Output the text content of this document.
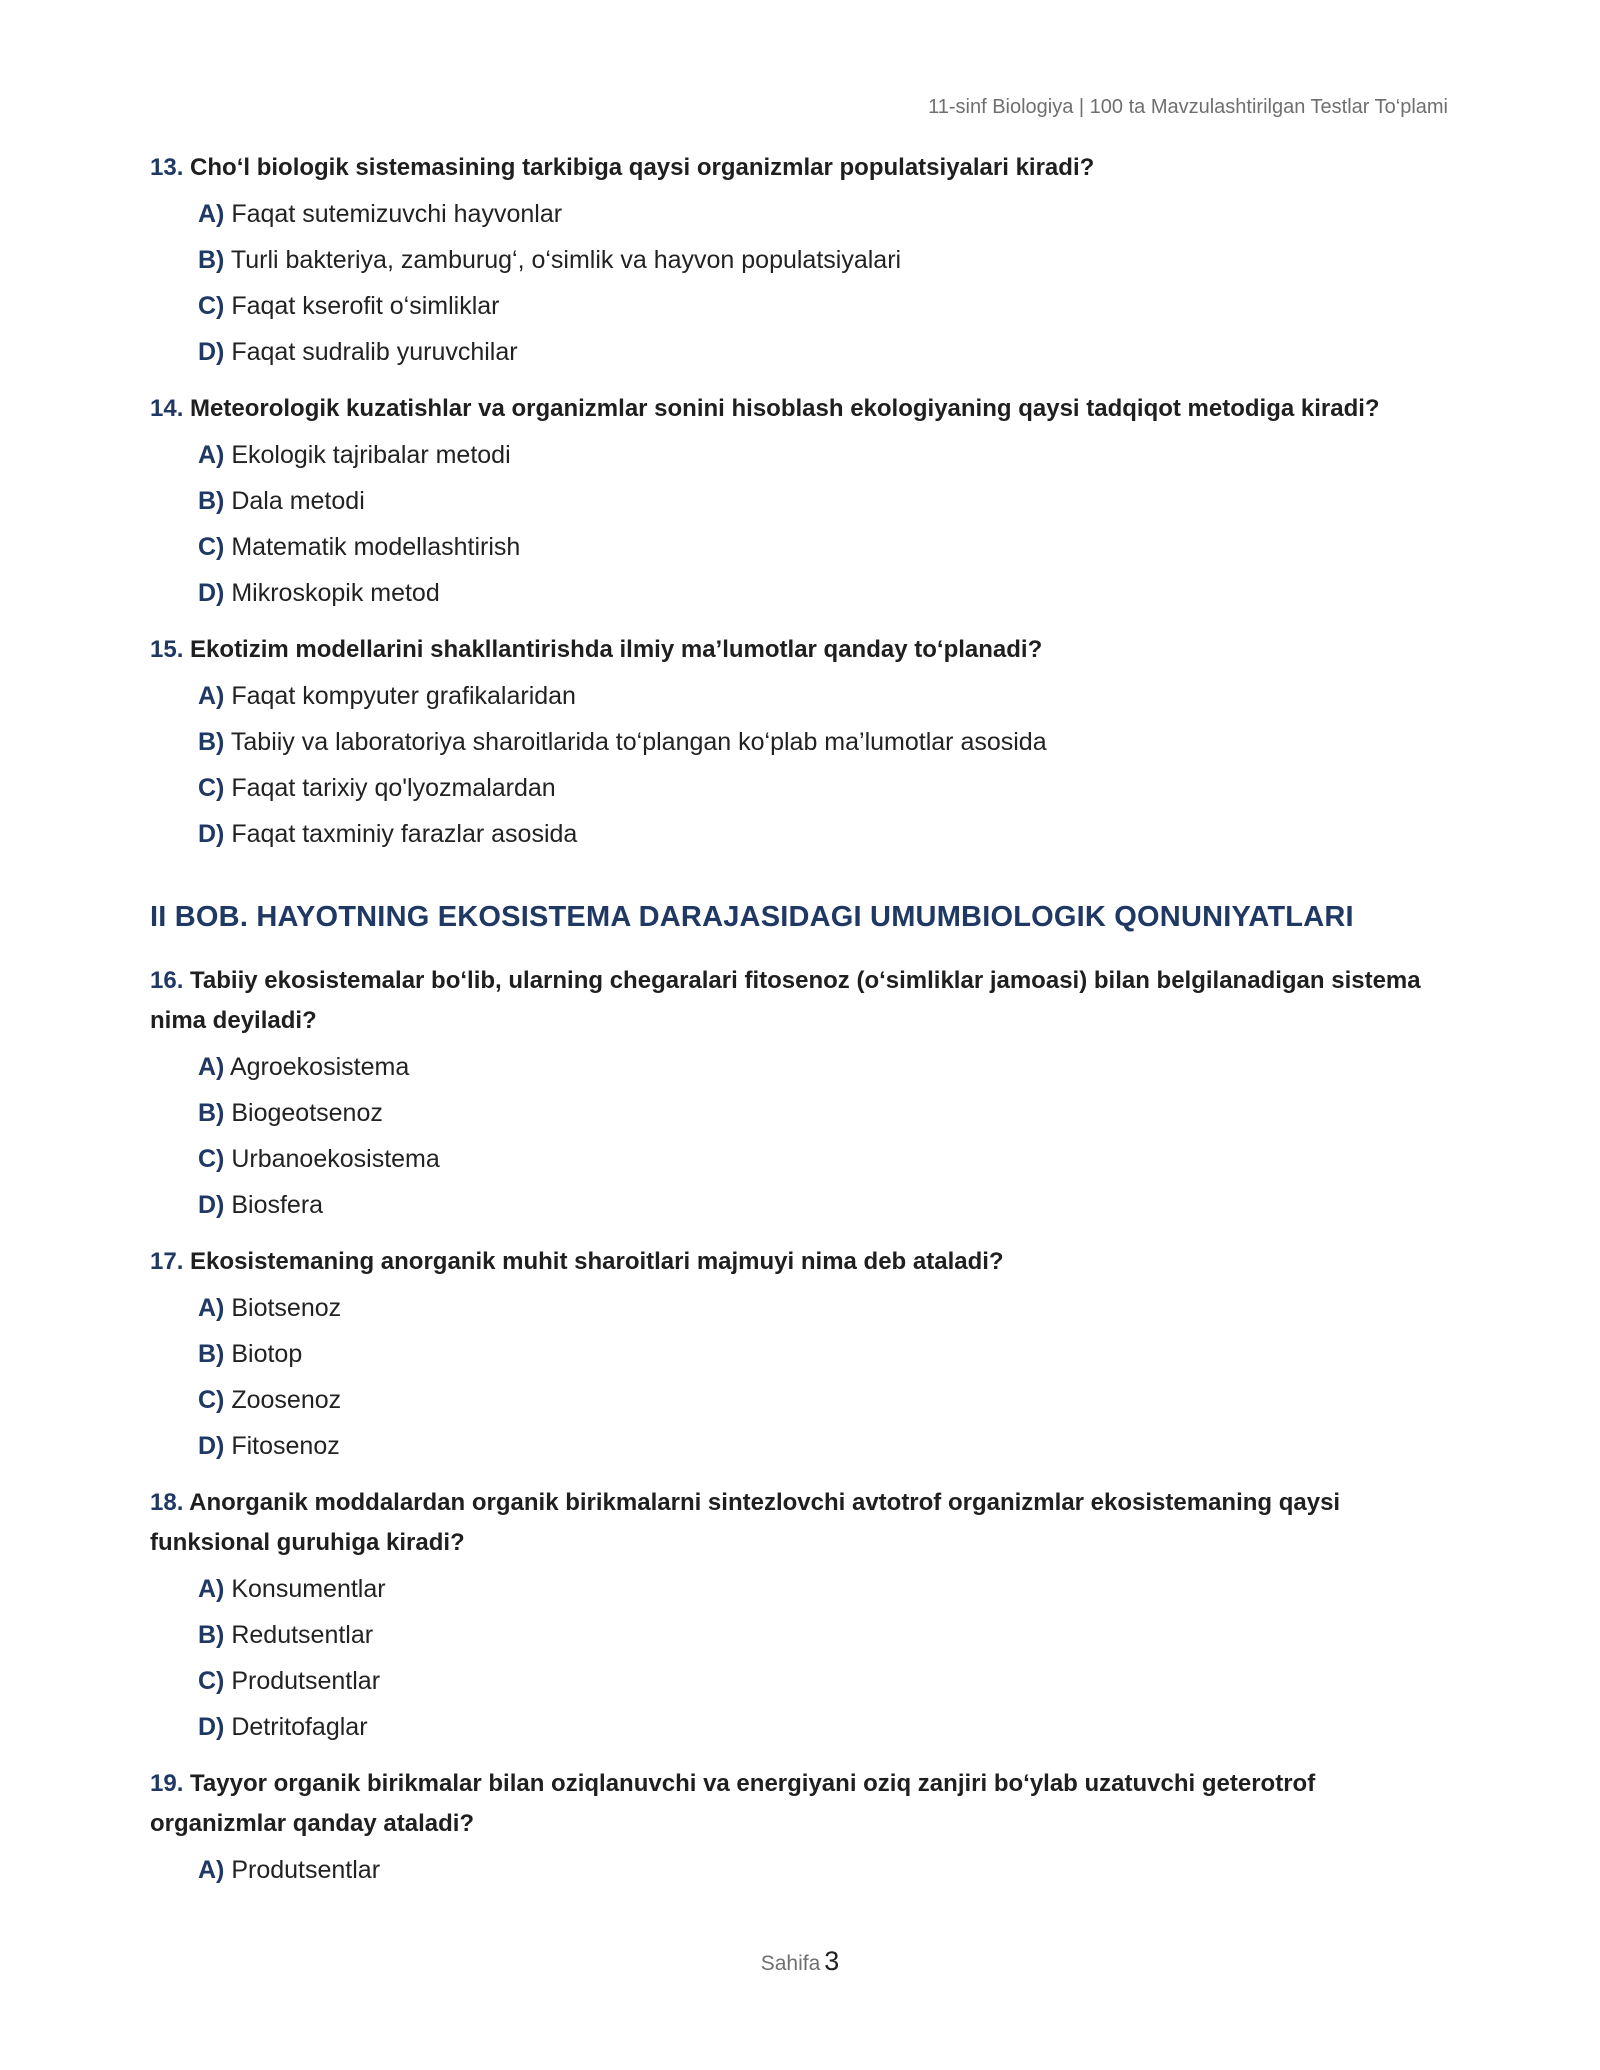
11-sinf Biologiya | 100 ta Mavzulashtirilgan Testlar To‘plami
13. Cho‘l biologik sistemasining tarkibiga qaysi organizmlar populatsiyalari kiradi?
A) Faqat sutemizuvchi hayvonlar
B) Turli bakteriya, zamburug‘, o‘simlik va hayvon populatsiyalari
C) Faqat kserofit o‘simliklar
D) Faqat sudralib yuruvchilar
14. Meteorologik kuzatishlar va organizmlar sonini hisoblash ekologiyaning qaysi tadqiqot metodiga kiradi?
A) Ekologik tajribalar metodi
B) Dala metodi
C) Matematik modellashtirish
D) Mikroskopik metod
15. Ekotizim modellarini shakllantirishda ilmiy ma’lumotlar qanday to‘planadi?
A) Faqat kompyuter grafikalaridan
B) Tabiiy va laboratoriya sharoitlarida to‘plangan ko‘plab ma’lumotlar asosida
C) Faqat tarixiy qo'lyozmalardan
D) Faqat taxminiy farazlar asosida
II BOB. HAYOTNING EKOSISTEMA DARAJASIDAGI UMUMBIOLOGIK QONUNIYATLARI
16. Tabiiy ekosistemalar bo‘lib, ularning chegaralari fitosenoz (o‘simliklar jamoasi) bilan belgilanadigan sistema nima deyiladi?
A) Agroekosistema
B) Biogeotsenoz
C) Urbanoekosistema
D) Biosfera
17. Ekosistemaning anorganik muhit sharoitlari majmuyi nima deb ataladi?
A) Biotsenoz
B) Biotop
C) Zoosenoz
D) Fitosenoz
18. Anorganik moddalardan organik birikmalarni sintezlovchi avtotrof organizmlar ekosistemaning qaysi funksional guruhiga kiradi?
A) Konsumentlar
B) Redutsentlar
C) Produtsentlar
D) Detritofaglar
19. Tayyor organik birikmalar bilan oziqlanuvchi va energiyani oziq zanjiri bo‘ylab uzatuvchi geterotrof organizmlar qanday ataladi?
A) Produtsentlar
Sahifa 3
